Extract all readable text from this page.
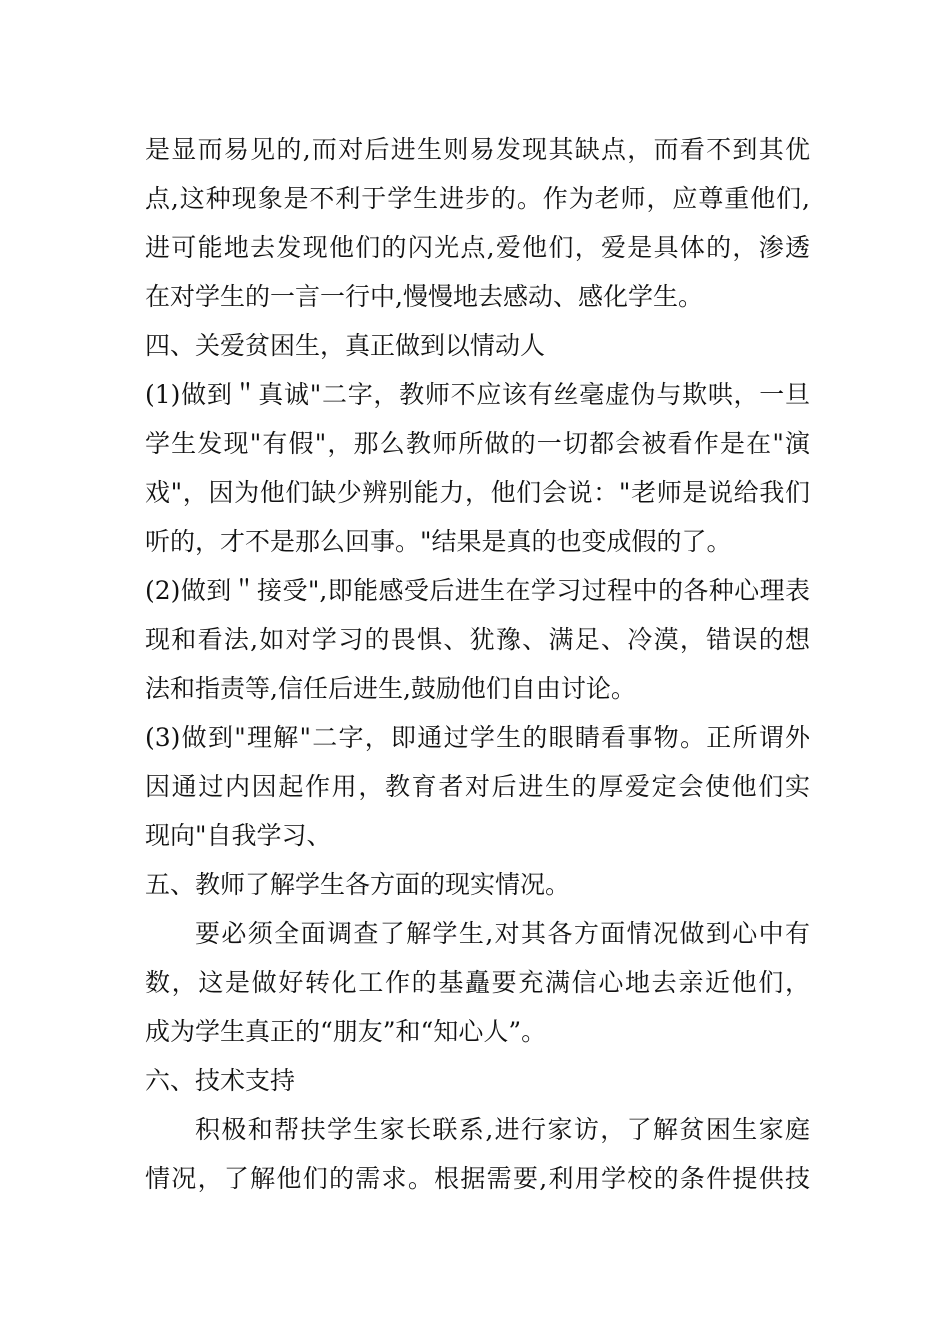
是显而易见的,而对后进生则易发现其缺点，而看不到其优
点,这种现象是不利于学生进步的。作为老师，应尊重他们,
进可能地去发现他们的闪光点,爱他们，爱是具体的，渗透
在对学生的一言一行中,慢慢地去感动、感化学生。
四、关爱贫困生，真正做到以情动人
(1)做到＂真诚"二字，教师不应该有丝毫虚伪与欺哄，一旦
学生发现"有假"，那么教师所做的一切都会被看作是在"演
戏"，因为他们缺少辨别能力，他们会说："老师是说给我们
听的，才不是那么回事。"结果是真的也变成假的了。
(2)做到＂接受",即能感受后进生在学习过程中的各种心理表
现和看法,如对学习的畏惧、犹豫、满足、冷漠，错误的想
法和指责等,信任后进生,鼓励他们自由讨论。
(3)做到"理解"二字，即通过学生的眼睛看事物。正所谓外
因通过内因起作用，教育者对后进生的厚爱定会使他们实
现向"自我学习、
五、教师了解学生各方面的现实情况。
要必须全面调查了解学生,对其各方面情况做到心中有
数，这是做好转化工作的基矗要充满信心地去亲近他们，
成为学生真正的“朋友”和“知心人”。
六、技术支持
积极和帮扶学生家长联系,进行家访，了解贫困生家庭
情况，了解他们的需求。根据需要,利用学校的条件提供技
